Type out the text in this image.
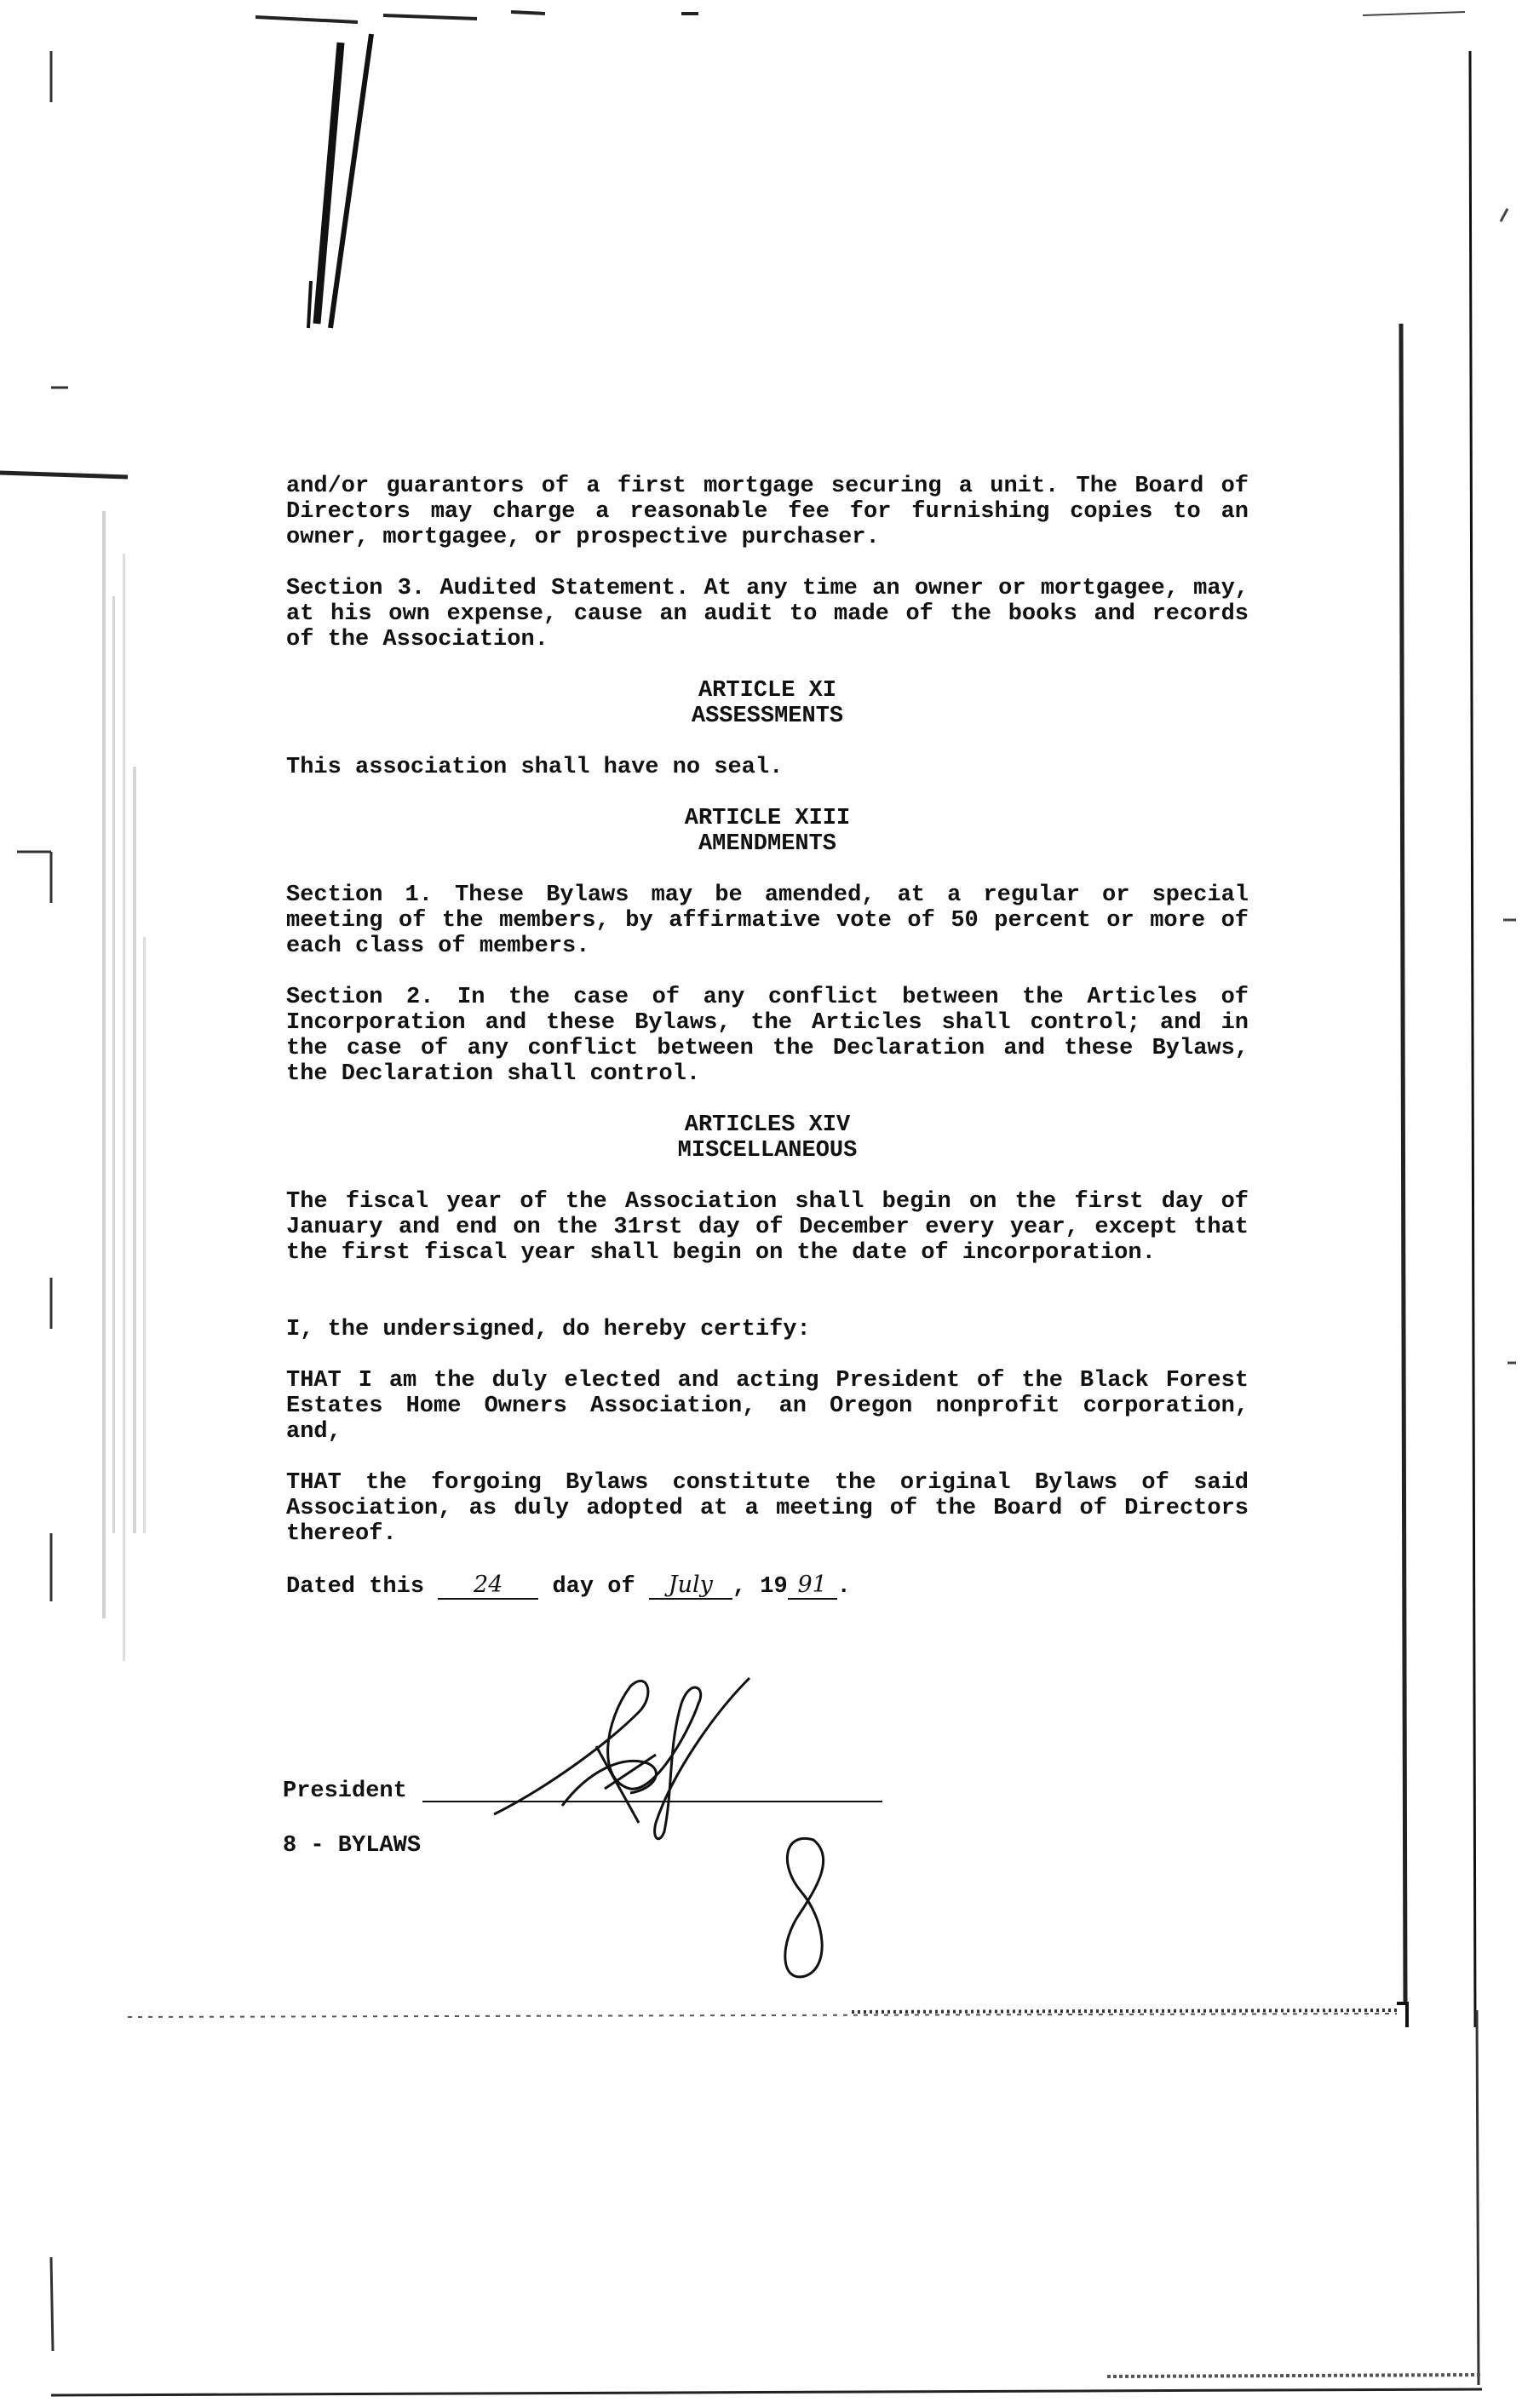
and/or guarantors of a first mortgage securing a unit. The Board of Directors may charge a reasonable fee for furnishing copies to an owner, mortgagee, or prospective purchaser.

Section 3. Audited Statement. At any time an owner or mortgagee, may, at his own expense, cause an audit to made of the books and records of the Association.

ARTICLE XI
ASSESSMENTS

This association shall have no seal.

ARTICLE XIII
AMENDMENTS

Section 1. These Bylaws may be amended, at a regular or special meeting of the members, by affirmative vote of 50 percent or more of each class of members.

Section 2. In the case of any conflict between the Articles of Incorporation and these Bylaws, the Articles shall control; and in the case of any conflict between the Declaration and these Bylaws, the Declaration shall control.

ARTICLES XIV
MISCELLANEOUS

The fiscal year of the Association shall begin on the first day of January and end on the 31rst day of December every year, except that the first fiscal year shall begin on the date of incorporation.

I, the undersigned, do hereby certify:

THAT I am the duly elected and acting President of the Black Forest Estates Home Owners Association, an Oregon nonprofit corporation, and,

THAT the forgoing Bylaws constitute the original Bylaws of said Association, as duly adopted at a meeting of the Board of Directors thereof.

Dated this 24 day of July , 19 91 .

President
8 - BYLAWS
